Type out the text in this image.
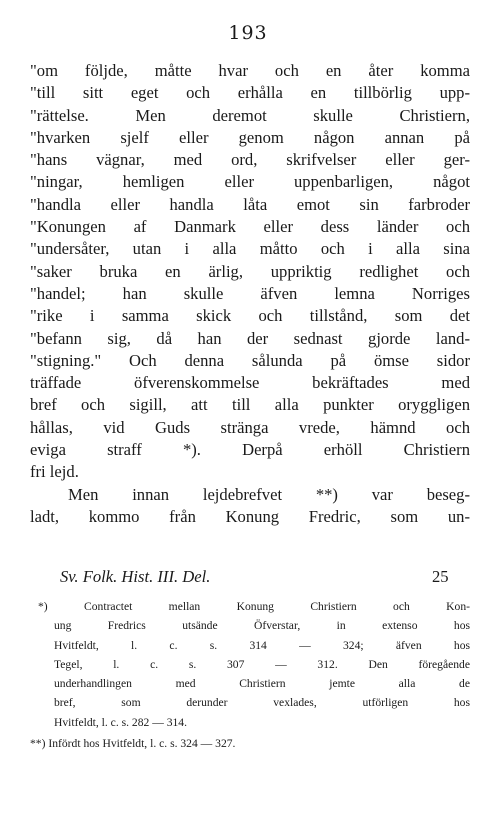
193
"om följde, måtte hvar och en åter komma
"till sitt eget och erhålla en tillbörlig upp-
"rättelse. Men deremot skulle Christiern,
"hvarken sjelf eller genom någon annan på
"hans vägnar, med ord, skrifvelser eller ger-
"ningar, hemligen eller uppenbarligen, något
"handla eller handla låta emot sin farbroder
"Konungen af Danmark eller dess länder och
"undersåter, utan i alla måtto och i alla sina
"saker bruka en ärlig, uppriktig redlighet och
"handel; han skulle äfven lemna Norriges
"rike i samma skick och tillstånd, som det
"befann sig, då han der sednast gjorde land-
"stigning." Och denna sålunda på ömse sidor
träffade öfverenskommelse bekräftades med
bref och sigill, att till alla punkter oryggligen
hållas, vid Guds stränga vrede, hämnd och
eviga straff *). Derpå erhöll Christiern
fri lejd.
Men innan lejdebrefvet **) var beseg-
ladt, kommo från Konung Fredric, som un-
Sv. Folk. Hist. III. Del.	25
*) Contractet mellan Konung Christiern och Kon-
ung Fredrics utsände Öfverstar, in extenso hos
Hvitfeldt, l. c. s. 314 — 324; äfven hos
Tegel, l. c. s. 307 — 312. Den föregående
underhandlingen med Christiern jemte alla de
bref, som derunder vexlades, utförligen hos
Hvitfeldt, l. c. s. 282 — 314.
**) Infördt hos Hvitfeldt, l. c. s. 324 — 327.
